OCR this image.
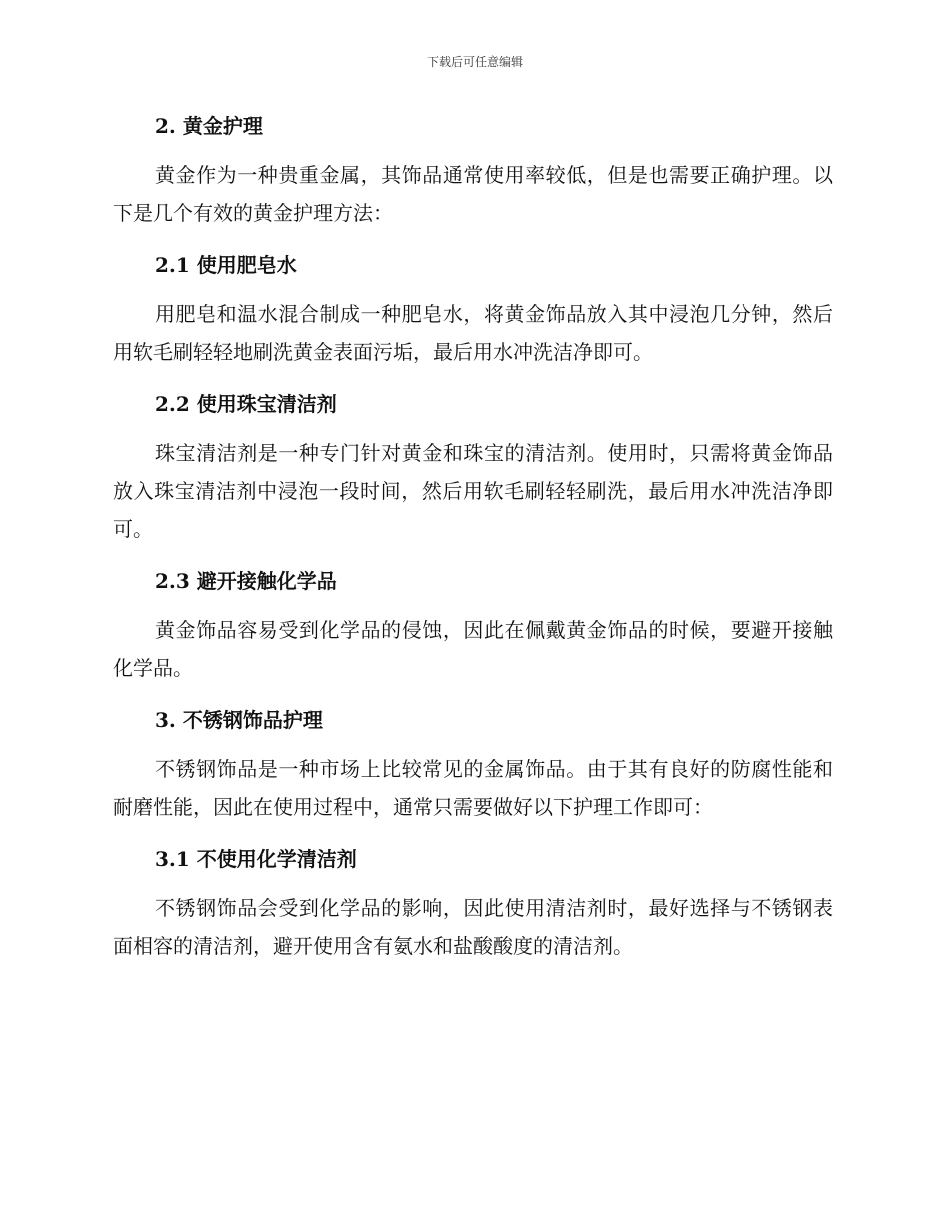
下载后可任意编辑
2. 黄金护理
黄金作为一种贵重金属，其饰品通常使用率较低，但是也需要正确护理。以下是几个有效的黄金护理方法：
2.1 使用肥皂水
用肥皂和温水混合制成一种肥皂水，将黄金饰品放入其中浸泡几分钟，然后用软毛刷轻轻地刷洗黄金表面污垢，最后用水冲洗洁净即可。
2.2 使用珠宝清洁剂
珠宝清洁剂是一种专门针对黄金和珠宝的清洁剂。使用时，只需将黄金饰品放入珠宝清洁剂中浸泡一段时间，然后用软毛刷轻轻刷洗，最后用水冲洗洁净即可。
2.3 避开接触化学品
黄金饰品容易受到化学品的侵蚀，因此在佩戴黄金饰品的时候，要避开接触化学品。
3. 不锈钢饰品护理
不锈钢饰品是一种市场上比较常见的金属饰品。由于其有良好的防腐性能和耐磨性能，因此在使用过程中，通常只需要做好以下护理工作即可：
3.1 不使用化学清洁剂
不锈钢饰品会受到化学品的影响，因此使用清洁剂时，最好选择与不锈钢表面相容的清洁剂，避开使用含有氨水和盐酸酸度的清洁剂。
